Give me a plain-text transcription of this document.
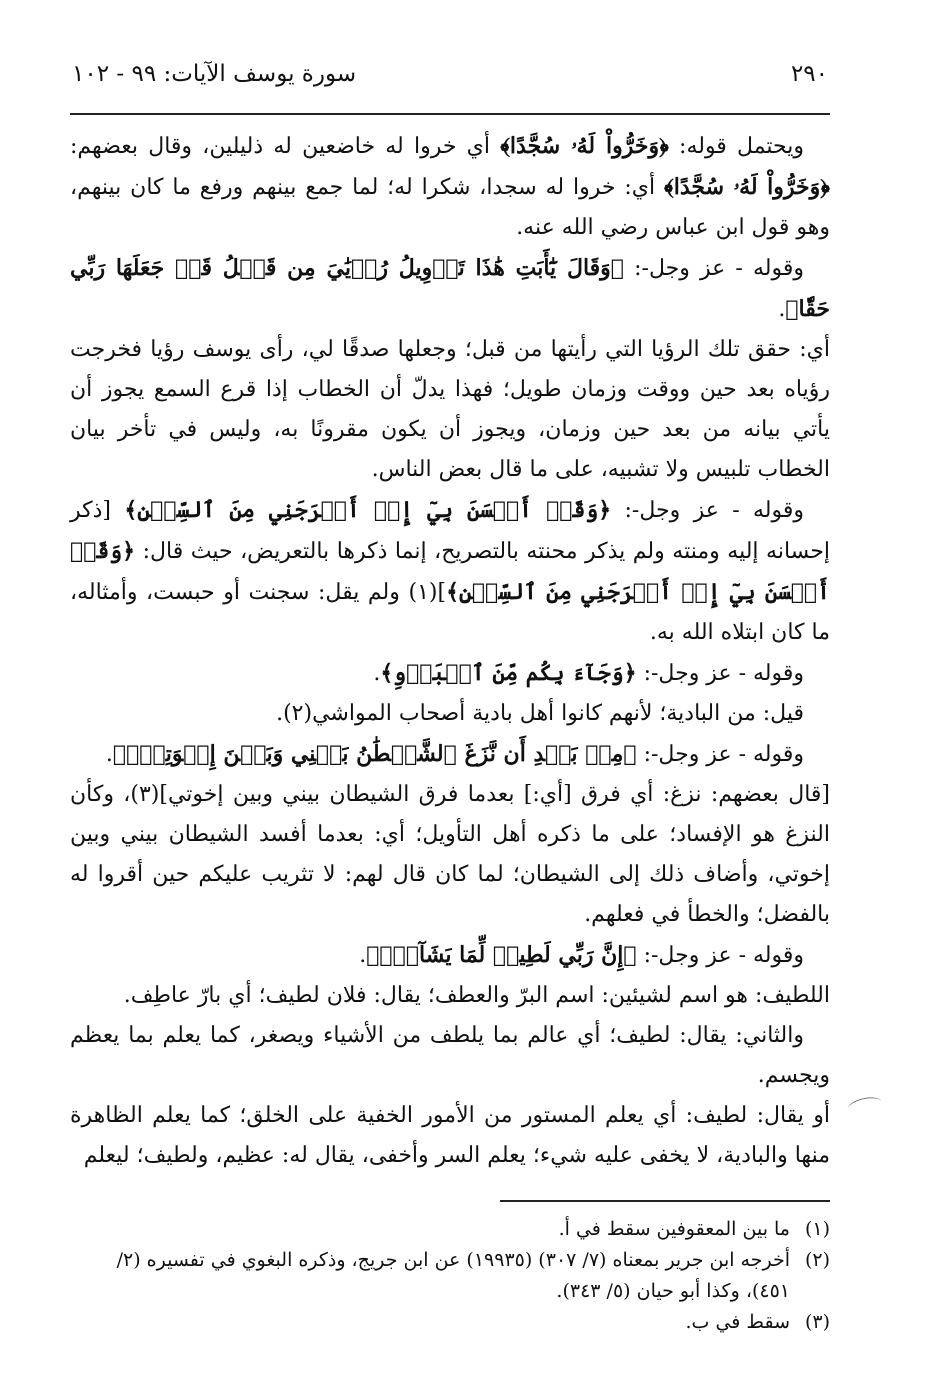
٢٩٠
سورة يوسف الآيات: ٩٩ - ١٠٢

ويحتمل قوله: ﴿وَخَرُّواْ لَهُۥ سُجَّدًا﴾ أي خروا له خاضعين له ذليلين، وقال بعضهم: ﴿وَخَرُّواْ لَهُۥ سُجَّدًا﴾ أي: خروا له سجدا، شكرا له؛ لما جمع بينهم ورفع ما كان بينهم، وهو قول ابن عباس رضي الله عنه.

وقوله - عز وجل-: ﴿وَقَالَ يَٰٓأَبَتِ هَٰذَا تَأۡوِيلُ رُءۡيَٰيَ مِن قَبۡلُ قَدۡ جَعَلَهَا رَبِّي حَقّٗا﴾.

أي: حقق تلك الرؤيا التي رأيتها من قبل؛ وجعلها صدقًا لي، رأى يوسف رؤيا فخرجت رؤياه بعد حين ووقت وزمان طويل؛ فهذا يدلّ أن الخطاب إذا قرع السمع يجوز أن يأتي بيانه من بعد حين وزمان، ويجوز أن يكون مقرونًا به، وليس في تأخر بيان الخطاب تلبيس ولا تشبيه، على ما قال بعض الناس.

وقوله - عز وجل-: ﴿وَقَدۡ أَحۡسَنَ بِيٓ إِذۡ أَخۡرَجَنِي مِنَ ٱلسِّجۡنِ﴾ [ذكر إحسانه إليه ومنته ولم يذكر محنته بالتصريح، إنما ذكرها بالتعريض، حيث قال: ﴿وَقَدۡ أَحۡسَنَ بِيٓ إِذۡ أَخۡرَجَنِي مِنَ ٱلسِّجۡنِ﴾](١) ولم يقل: سجنت أو حبست، وأمثاله، ما كان ابتلاه الله به.

وقوله - عز وجل-: ﴿وَجَآءَ بِكُم مِّنَ ٱلۡبَدۡوِ﴾.

قيل: من البادية؛ لأنهم كانوا أهل بادية أصحاب المواشي(٢).

وقوله - عز وجل-: ﴿مِنۢ بَعۡدِ أَن نَّزَغَ ٱلشَّيۡطَٰنُ بَيۡنِي وَبَيۡنَ إِخۡوَتِيٓۚ﴾.

[قال بعضهم: نزغ: أي فرق [أي:] بعدما فرق الشيطان بيني وبين إخوتي](٣)، وكأن النزغ هو الإفساد؛ على ما ذكره أهل التأويل؛ أي: بعدما أفسد الشيطان بيني وبين إخوتي، وأضاف ذلك إلى الشيطان؛ لما كان قال لهم: لا تثريب عليكم حين أقروا له بالفضل؛ والخطأ في فعلهم.

وقوله - عز وجل-: ﴿إِنَّ رَبِّي لَطِيفٞ لِّمَا يَشَآءُۚ﴾.

اللطيف: هو اسم لشيئين: اسم البرّ والعطف؛ يقال: فلان لطيف؛ أي بارّ عاطِف.

والثاني: يقال: لطيف؛ أي عالم بما يلطف من الأشياء ويصغر، كما يعلم بما يعظم ويجسم.

أو يقال: لطيف: أي يعلم المستور من الأمور الخفية على الخلق؛ كما يعلم الظاهرة منها والبادية، لا يخفى عليه شيء؛ يعلم السر وأخفى، يقال له: عظيم، ولطيف؛ ليعلم

(١)
ما بين المعقوفين سقط في أ.

(٢)
أخرجه ابن جرير بمعناه (٧/ ٣٠٧) (١٩٩٣٥) عن ابن جريج، وذكره البغوي في تفسيره (٢/ ٤٥١)، وكذا أبو حيان (٥/ ٣٤٣).

(٣)
سقط في ب.
